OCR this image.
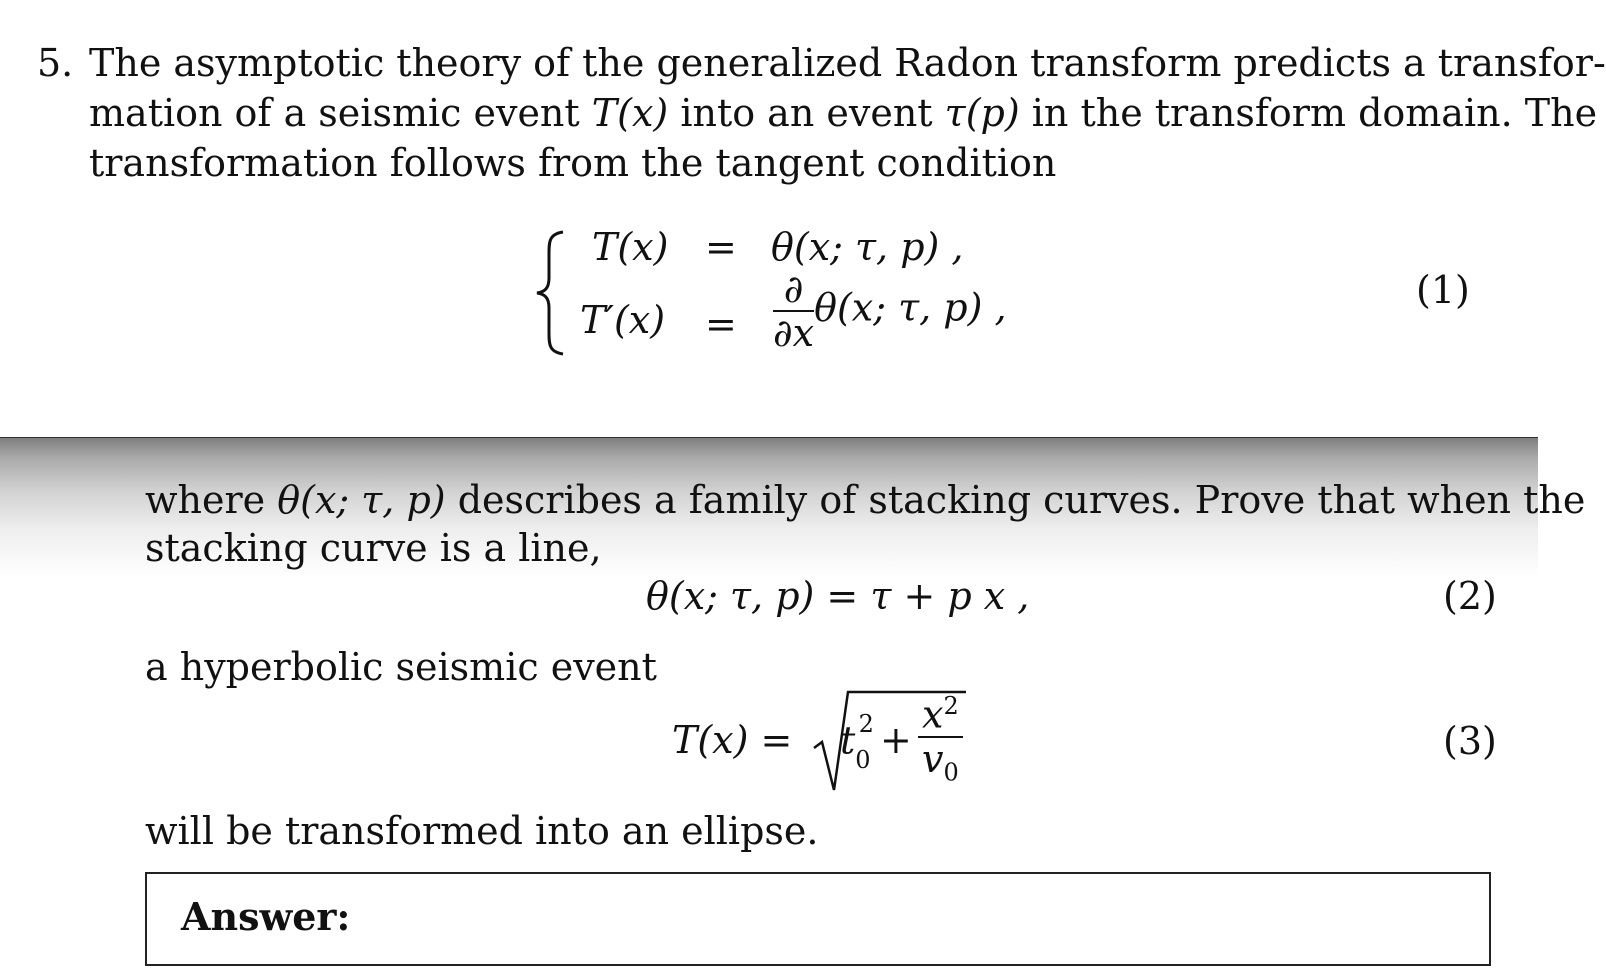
5. The asymptotic theory of the generalized Radon transform predicts a transfor-
mation of a seismic event T(x) into an event τ(p) in the transform domain. The
transformation follows from the tangent condition
T(x) = θ(x; τ, p) ,
$T'(x) = \frac{\partial}{\partial x} \theta(x$; τ, p) ,	(1)
where θ(x; τ, p) describes a family of stacking curves. Prove that when the
stacking curve is a line,
θ(x; τ, p) = τ + p x ,	(2)
a hyperbolic seismic event
$T(x) = t_0^2 + \frac{x^2}{v_0}$	(3)
will be transformed into an ellipse.
Answer:
